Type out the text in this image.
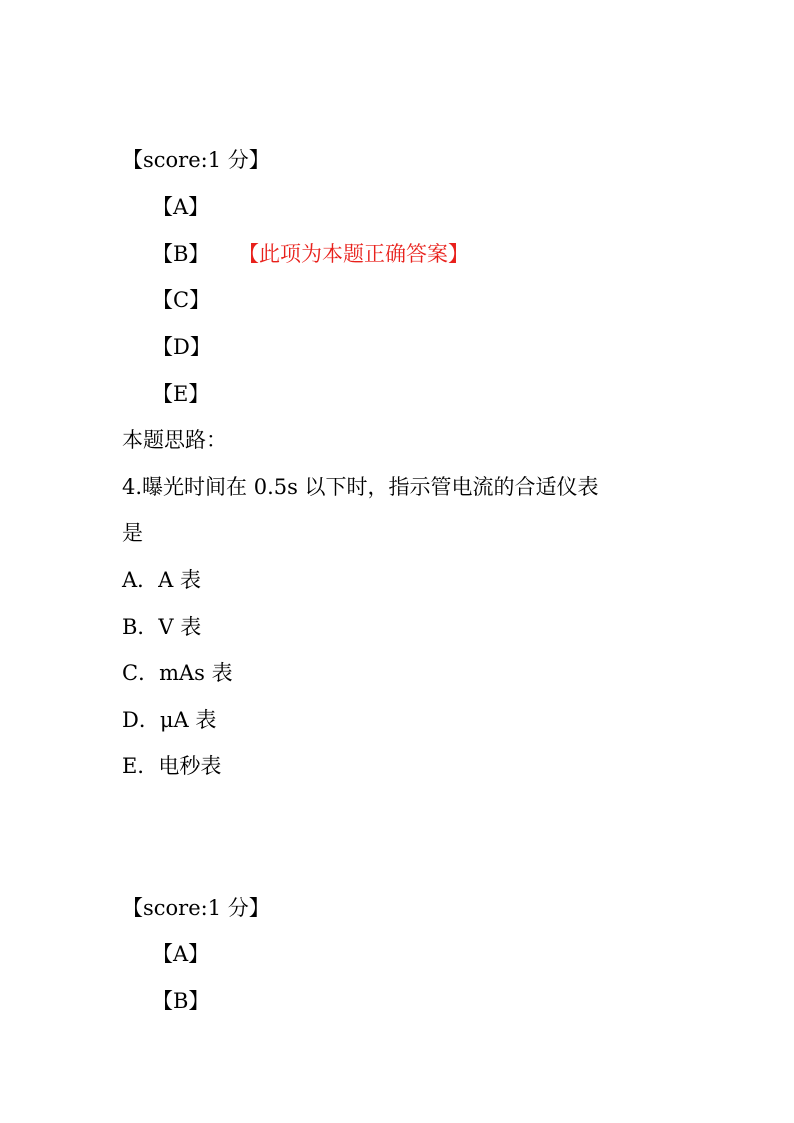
【score:1 分】
【A】
【B】 【此项为本题正确答案】
【C】
【D】
【E】
本题思路：
4.曝光时间在 0.5s 以下时，指示管电流的合适仪表
是
A．A 表
B．V 表
C．mAs 表
D．μA 表
E．电秒表
【score:1 分】
【A】
【B】
